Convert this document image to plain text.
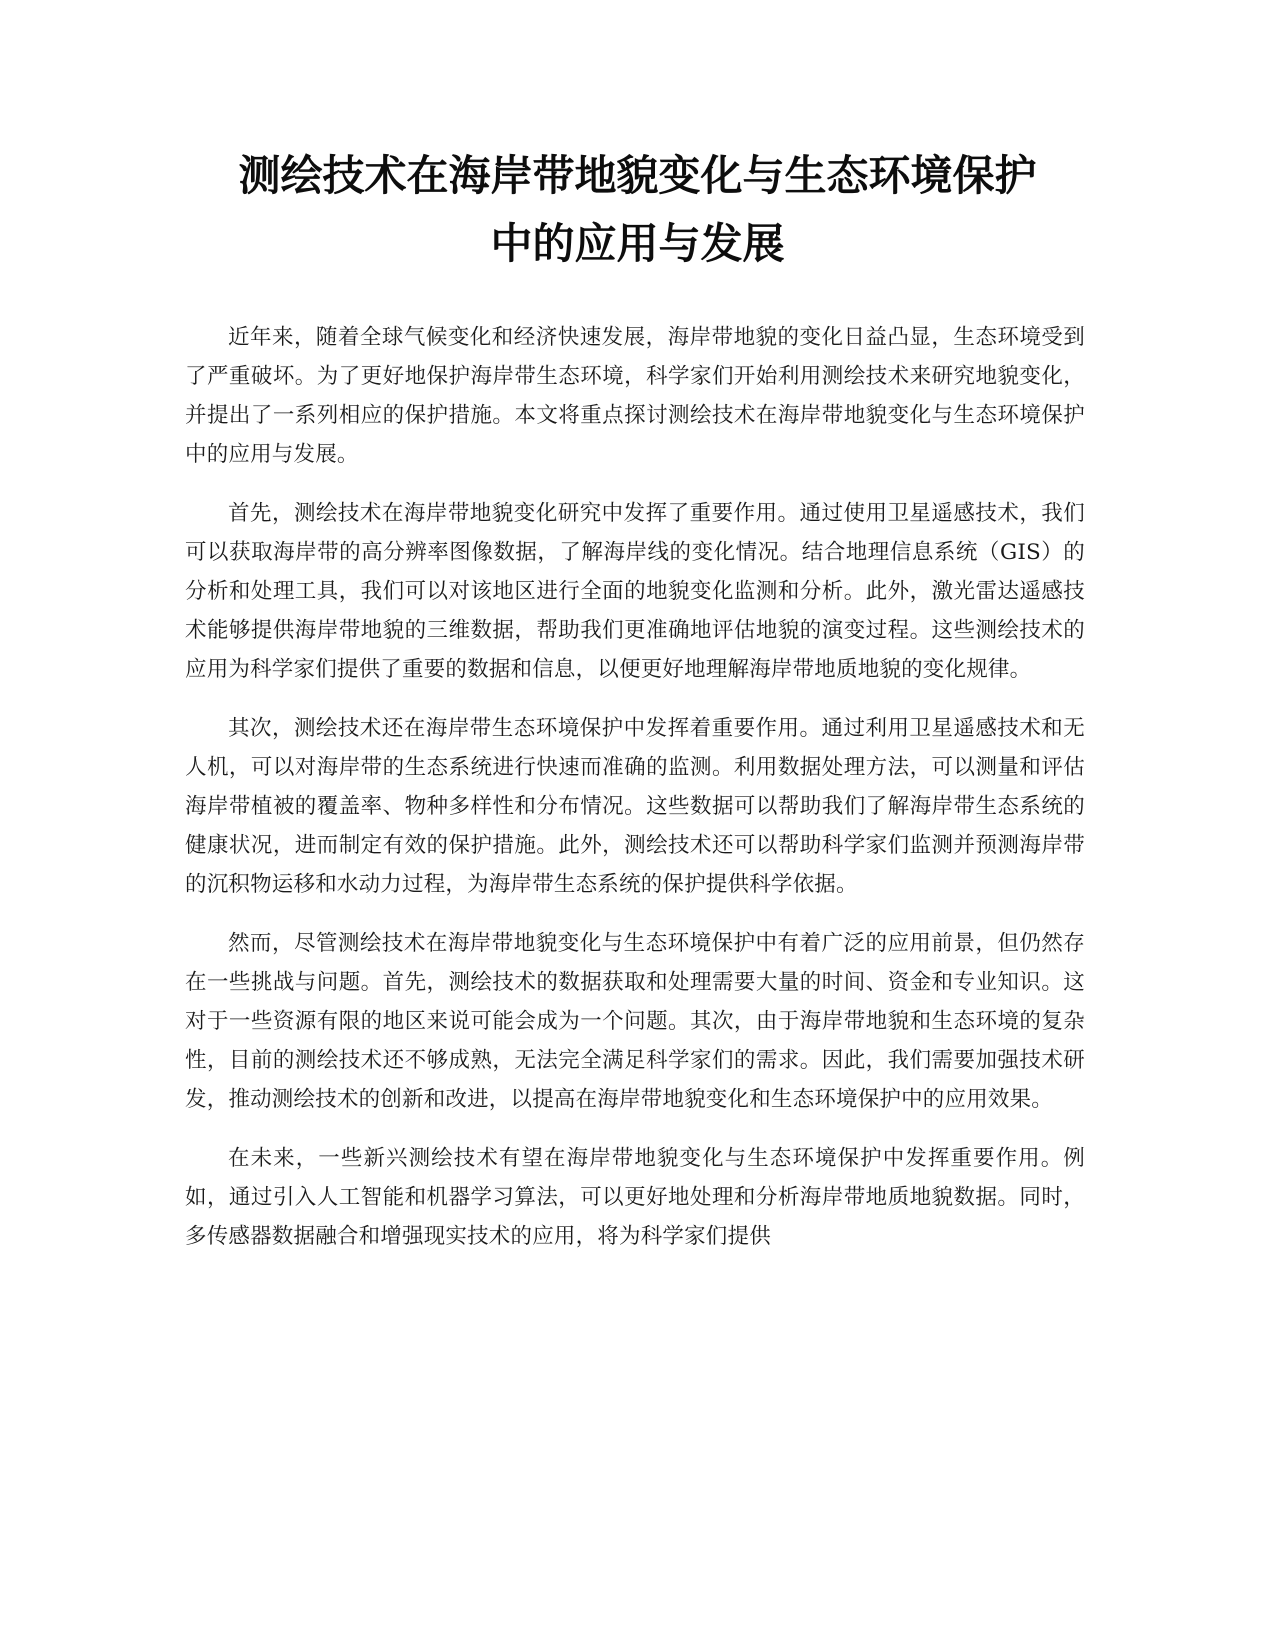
测绘技术在海岸带地貌变化与生态环境保护
中的应用与发展

近年来，随着全球气候变化和经济快速发展，海岸带地貌的变化日益凸显，生态环境受到了严重破坏。为了更好地保护海岸带生态环境，科学家们开始利用测绘技术来研究地貌变化，并提出了一系列相应的保护措施。本文将重点探讨测绘技术在海岸带地貌变化与生态环境保护中的应用与发展。

首先，测绘技术在海岸带地貌变化研究中发挥了重要作用。通过使用卫星遥感技术，我们可以获取海岸带的高分辨率图像数据，了解海岸线的变化情况。结合地理信息系统（GIS）的分析和处理工具，我们可以对该地区进行全面的地貌变化监测和分析。此外，激光雷达遥感技术能够提供海岸带地貌的三维数据，帮助我们更准确地评估地貌的演变过程。这些测绘技术的应用为科学家们提供了重要的数据和信息，以便更好地理解海岸带地质地貌的变化规律。

其次，测绘技术还在海岸带生态环境保护中发挥着重要作用。通过利用卫星遥感技术和无人机，可以对海岸带的生态系统进行快速而准确的监测。利用数据处理方法，可以测量和评估海岸带植被的覆盖率、物种多样性和分布情况。这些数据可以帮助我们了解海岸带生态系统的健康状况，进而制定有效的保护措施。此外，测绘技术还可以帮助科学家们监测并预测海岸带的沉积物运移和水动力过程，为海岸带生态系统的保护提供科学依据。

然而，尽管测绘技术在海岸带地貌变化与生态环境保护中有着广泛的应用前景，但仍然存在一些挑战与问题。首先，测绘技术的数据获取和处理需要大量的时间、资金和专业知识。这对于一些资源有限的地区来说可能会成为一个问题。其次，由于海岸带地貌和生态环境的复杂性，目前的测绘技术还不够成熟，无法完全满足科学家们的需求。因此，我们需要加强技术研发，推动测绘技术的创新和改进，以提高在海岸带地貌变化和生态环境保护中的应用效果。

在未来，一些新兴测绘技术有望在海岸带地貌变化与生态环境保护中发挥重要作用。例如，通过引入人工智能和机器学习算法，可以更好地处理和分析海岸带地质地貌数据。同时，多传感器数据融合和增强现实技术的应用，将为科学家们提供
